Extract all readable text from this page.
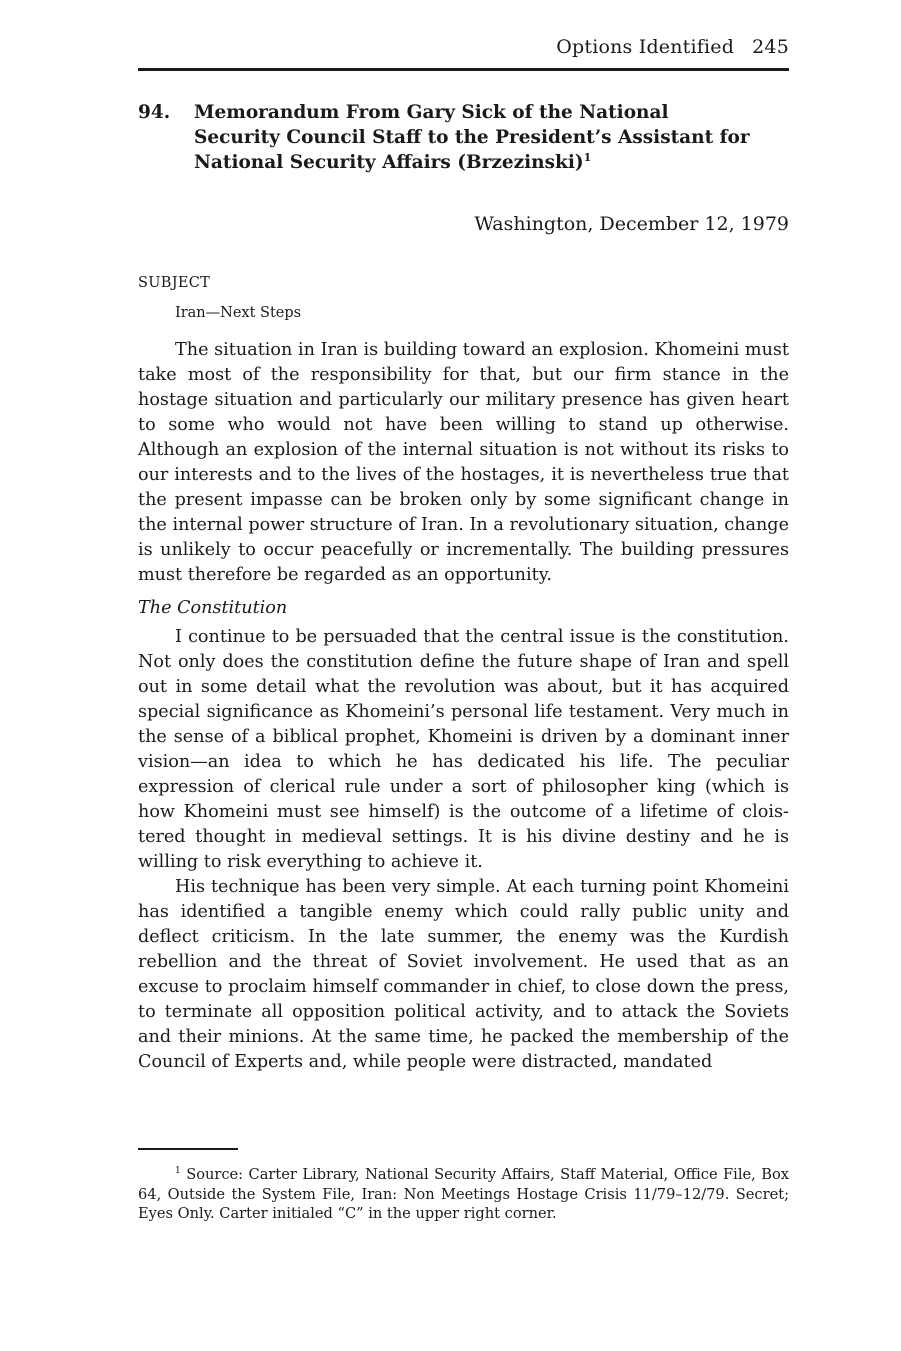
Options Identified 245
94. Memorandum From Gary Sick of the National Security Council Staff to the President’s Assistant for National Security Affairs (Brzezinski)$^1$
Washington, December 12, 1979
SUBJECT
Iran—Next Steps

The situation in Iran is building toward an explosion. Khomeini must take most of the responsibility for that, but our firm stance in the hostage situation and particularly our military presence has given heart to some who would not have been willing to stand up otherwise. Although an explosion of the internal situation is not without its risks to our interests and to the lives of the hostages, it is nevertheless true that the present impasse can be broken only by some significant change in the internal power structure of Iran. In a revolutionary situation, change is unlikely to occur peacefully or incrementally. The building pressures must therefore be regarded as an opportunity.

The Constitution

I continue to be persuaded that the central issue is the constitution. Not only does the constitution define the future shape of Iran and spell out in some detail what the revolution was about, but it has acquired special significance as Khomeini’s personal life testament. Very much in the sense of a biblical prophet, Khomeini is driven by a dominant inner vision—an idea to which he has dedicated his life. The peculiar expression of clerical rule under a sort of philosopher king (which is how Khomeini must see himself) is the outcome of a lifetime of cloistered thought in medieval settings. It is his divine destiny and he is willing to risk everything to achieve it.

His technique has been very simple. At each turning point Khomeini has identified a tangible enemy which could rally public unity and deflect criticism. In the late summer, the enemy was the Kurdish rebellion and the threat of Soviet involvement. He used that as an excuse to proclaim himself commander in chief, to close down the press, to terminate all opposition political activity, and to attack the Soviets and their minions. At the same time, he packed the membership of the Council of Experts and, while people were distracted, mandated

$^1$ Source: Carter Library, National Security Affairs, Staff Material, Office File, Box 64, Outside the System File, Iran: Non Meetings Hostage Crisis 11/79–12/79. Secret; Eyes Only. Carter initialed “C” in the upper right corner.
